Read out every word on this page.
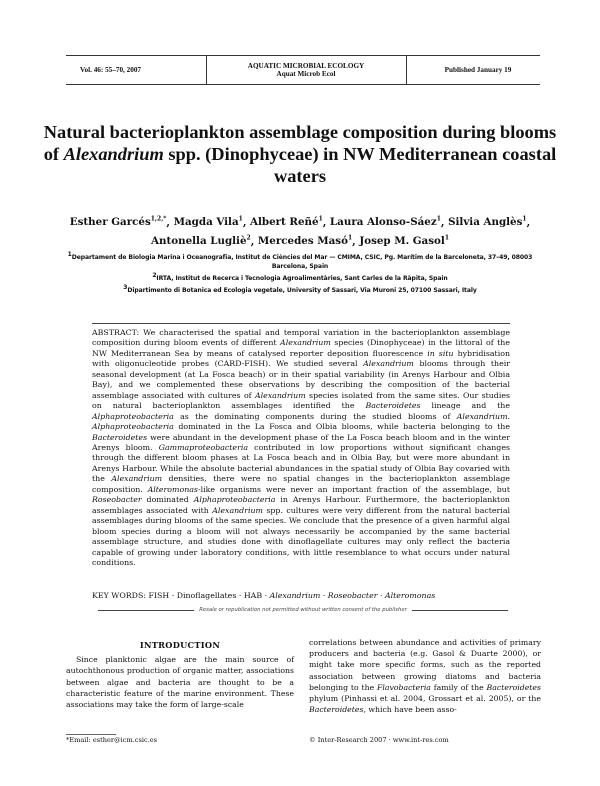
Vol. 46: 55–70, 2007
AQUATIC MICROBIAL ECOLOGY
Aquat Microb Ecol	Published January 19
Natural bacterioplankton assemblage composition during blooms of Alexandrium spp. (Dinophyceae) in NW Mediterranean coastal waters
Esther Garcés$^{1,2,*}$, Magda Vila$^1$, Albert Reñé$^1$, Laura Alonso-Sáez$^1$, Silvia Anglès$^1$,
Antonella Lugliè$^2$, Mercedes Masó$^1$, Josep M. Gasol$^1$
$^1$Departament de Biologia Marina i Oceanografia, Institut de Ciències del Mar — CMIMA, CSIC, Pg. Marítim de la Barceloneta, 37–49, 08003 Barcelona, Spain
$^2$IRTA, Institut de Recerca i Tecnologia Agroalimentàries, Sant Carles de la Ràpita, Spain
$^3$Dipartimento di Botanica ed Ecologia vegetale, University of Sassari, Via Muroni 25, 07100 Sassari, Italy
ABSTRACT: We characterised the spatial and temporal variation in the bacterioplankton assemblage composition during bloom events of different Alexandrium species (Dinophyceae) in the littoral of the NW Mediterranean Sea by means of catalysed reporter deposition fluorescence in situ hybridisation with oligonucleotide probes (CARD-FISH). We studied several Alexandrium blooms through their seasonal development (at La Fosca beach) or in their spatial variability (in Arenys Harbour and Olbia Bay), and we complemented these observations by describing the composition of the bacterial assemblage associated with cultures of Alexandrium species isolated from the same sites. Our studies on natural bacterioplankton assemblages identified the Bacteroidetes lineage and the Alphaproteobacteria as the dominating components during the studied blooms of Alexandrium. Alphaproteobacteria dominated in the La Fosca and Olbia blooms, while bacteria belonging to the Bacteroidetes were abundant in the development phase of the La Fosca beach bloom and in the winter Arenys bloom. Gammaproteobacteria contributed in low proportions without significant changes through the different bloom phases at La Fosca beach and in Olbia Bay, but were more abundant in Arenys Harbour. While the absolute bacterial abundances in the spatial study of Olbia Bay covaried with the Alexandrium densities, there were no spatial changes in the bacterioplankton assemblage composition. Alteromonas-like organisms were never an important fraction of the assemblage, but Roseobacter dominated Alphaproteobacteria in Arenys Harbour. Furthermore, the bacterioplankton assemblages associated with Alexandrium spp. cultures were very different from the natural bacterial assemblages during blooms of the same species. We conclude that the presence of a given harmful algal bloom species during a bloom will not always necessarily be accompanied by the same bacterial assemblage structure, and studies done with dinoflagellate cultures may only reflect the bacteria capable of growing under laboratory conditions, with little resemblance to what occurs under natural conditions.
KEY WORDS: FISH · Dinoflagellates · HAB · Alexandrium · Roseobacter · Alteromonas
Resale or republication not permitted without written consent of the publisher
INTRODUCTION

Since planktonic algae are the main source of autochthonous production of organic matter, associations between algae and bacteria are thought to be a characteristic feature of the marine environment. These associations may take the form of large-scale

correlations between abundance and activities of primary producers and bacteria (e.g. Gasol & Duarte 2000), or might take more specific forms, such as the reported association between growing diatoms and bacteria belonging to the Flavobacteria family of the Bacteroidetes phylum (Pinhassi et al. 2004, Grossart et al. 2005), or the Bacteroidetes, which have been asso-

*Email: esther@icm.csic.es	© Inter-Research 2007 · www.int-res.com
